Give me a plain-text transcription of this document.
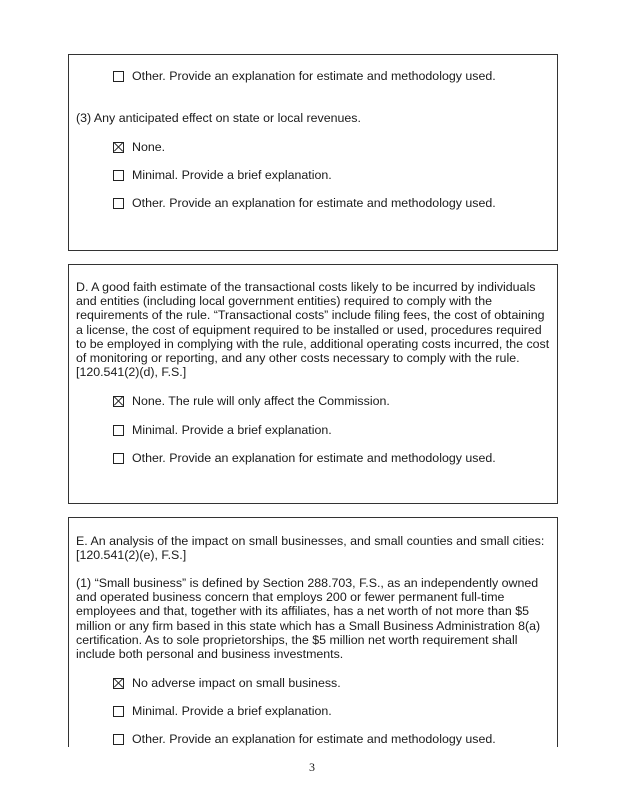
Other. Provide an explanation for estimate and methodology used.
(3) Any anticipated effect on state or local revenues.
None.
Minimal. Provide a brief explanation.
Other. Provide an explanation for estimate and methodology used.
D. A good faith estimate of the transactional costs likely to be incurred by individuals and entities (including local government entities) required to comply with the requirements of the rule. “Transactional costs” include filing fees, the cost of obtaining a license, the cost of equipment required to be installed or used, procedures required to be employed in complying with the rule, additional operating costs incurred, the cost of monitoring or reporting, and any other costs necessary to comply with the rule. [120.541(2)(d), F.S.]
None. The rule will only affect the Commission.
Minimal. Provide a brief explanation.
Other. Provide an explanation for estimate and methodology used.
E. An analysis of the impact on small businesses, and small counties and small cities: [120.541(2)(e), F.S.]
(1) “Small business” is defined by Section 288.703, F.S., as an independently owned and operated business concern that employs 200 or fewer permanent full-time employees and that, together with its affiliates, has a net worth of not more than $5 million or any firm based in this state which has a Small Business Administration 8(a) certification. As to sole proprietorships, the $5 million net worth requirement shall include both personal and business investments.
No adverse impact on small business.
Minimal. Provide a brief explanation.
Other. Provide an explanation for estimate and methodology used.
3
